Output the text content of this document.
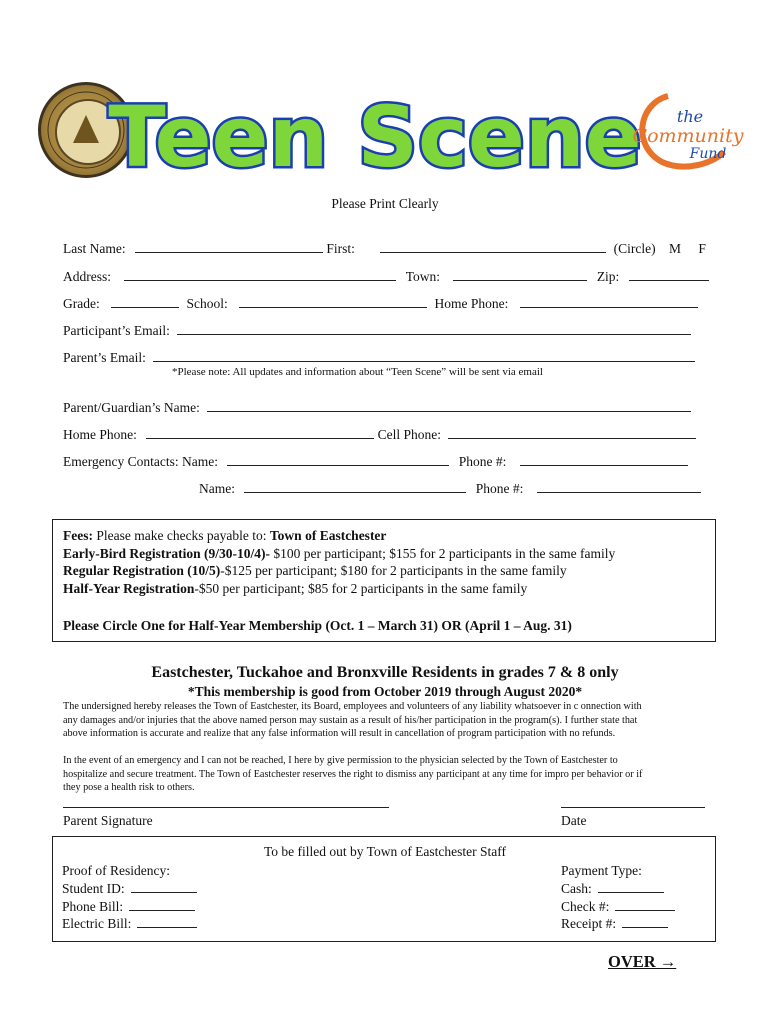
Teen Scene the
Community
Fund
Please Print Clearly
Last Name:	First:	(Circle) M F
Address:	Town:	Zip:
Grade:	School:	Home Phone:
Participant’s Email:
Parent’s Email:
*Please note: All updates and information about “Teen Scene” will be sent via email
Parent/Guardian’s Name:
Home Phone:	Cell Phone:
Emergency Contacts: Name:	Phone #:
Name:	Phone #:
Fees: Please make checks payable to: Town of Eastchester
Early-Bird Registration (9/30-10/4)- $100 per participant; $155 for 2 participants in the same family
Regular Registration (10/5)-$125 per participant; $180 for 2 participants in the same family
Half-Year Registration-$50 per participant; $85 for 2 participants in the same family
Please Circle One for Half-Year Membership (Oct. 1 – March 31) OR (April 1 – Aug. 31)
Eastchester, Tuckahoe and Bronxville Residents in grades 7 & 8 only
*This membership is good from October 2019 through August 2020*
The undersigned hereby releases the Town of Eastchester, its Board, employees and volunteers of any liability whatsoever in c onnection with
any damages and/or injuries that the above named person may sustain as a result of his/her participation in the program(s). I further state that
above information is accurate and realize that any false information will result in cancellation of program participation with no refunds.
In the event of an emergency and I can not be reached, I here by give permission to the physician selected by the Town of Eastchester to
hospitalize and secure treatment. The Town of Eastchester reserves the right to dismiss any participant at any time for impro per behavior or if
they pose a health risk to others.
Parent Signature	Date
To be filled out by Town of Eastchester Staff
Proof of Residency:
Student ID:
Phone Bill:
Electric Bill:
Payment Type:
Cash:
Check #:
Receipt #:
OVER →
